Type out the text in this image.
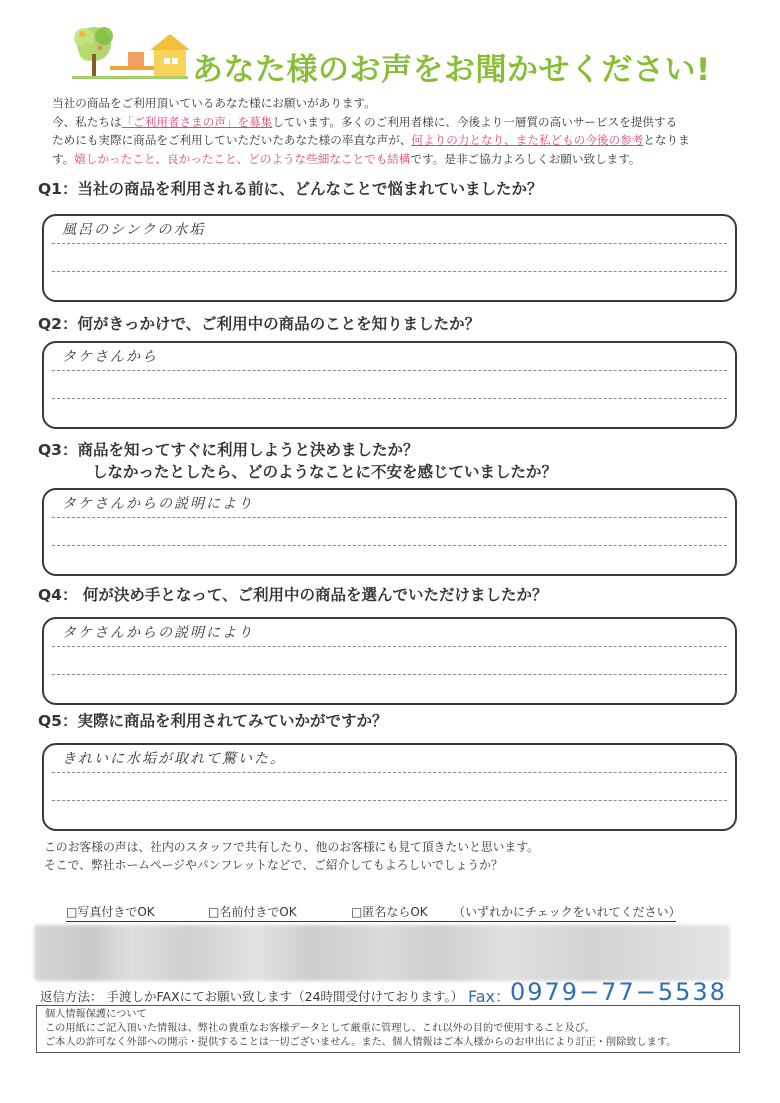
あなた様のお声をお聞かせください!
当社の商品をご利用頂いているあなた様にお願いがあります。
今、私たちは「ご利用者さまの声」を募集しています。多くのご利用者様に、今後より一層質の高いサービスを提供する
ためにも実際に商品をご利用していただいたあなた様の率直な声が、何よりの力となり、また私どもの今後の参考となりま
す。嬉しかったこと、良かったこと、どのような些細なことでも結構です。是非ご協力よろしくお願い致します。
Q1：当社の商品を利用される前に、どんなことで悩まれていましたか？
風呂のシンクの水垢
Q2：何がきっかけで、ご利用中の商品のことを知りましたか？
タケさんから
Q3：商品を知ってすぐに利用しようと決めましたか？
しなかったとしたら、どのようなことに不安を感じていましたか？
タケさんからの説明により
Q4： 何が決め手となって、ご利用中の商品を選んでいただけましたか？
タケさんからの説明により
Q5：実際に商品を利用されてみていかがですか？
きれいに水垢が取れて驚いた。
このお客様の声は、社内のスタッフで共有したり、他のお客様にも見て頂きたいと思います。
そこで、弊社ホームページやパンフレットなどで、ご紹介してもよろしいでしょうか？
□写真付きでOK	□名前付きでOK	□匿名ならOK （いずれかにチェックをいれてください）
返信方法： 手渡しかFAXにてお願い致します（24時間受付けております。） Fax：
0979−77−5538
個人情報保護について
この用紙にご記入頂いた情報は、弊社の貴重なお客様データとして厳重に管理し、これ以外の目的で使用すること及び、
ご本人の許可なく外部への開示・提供することは一切ございません。また、個人情報はご本人様からのお申出により訂正・削除致します。
